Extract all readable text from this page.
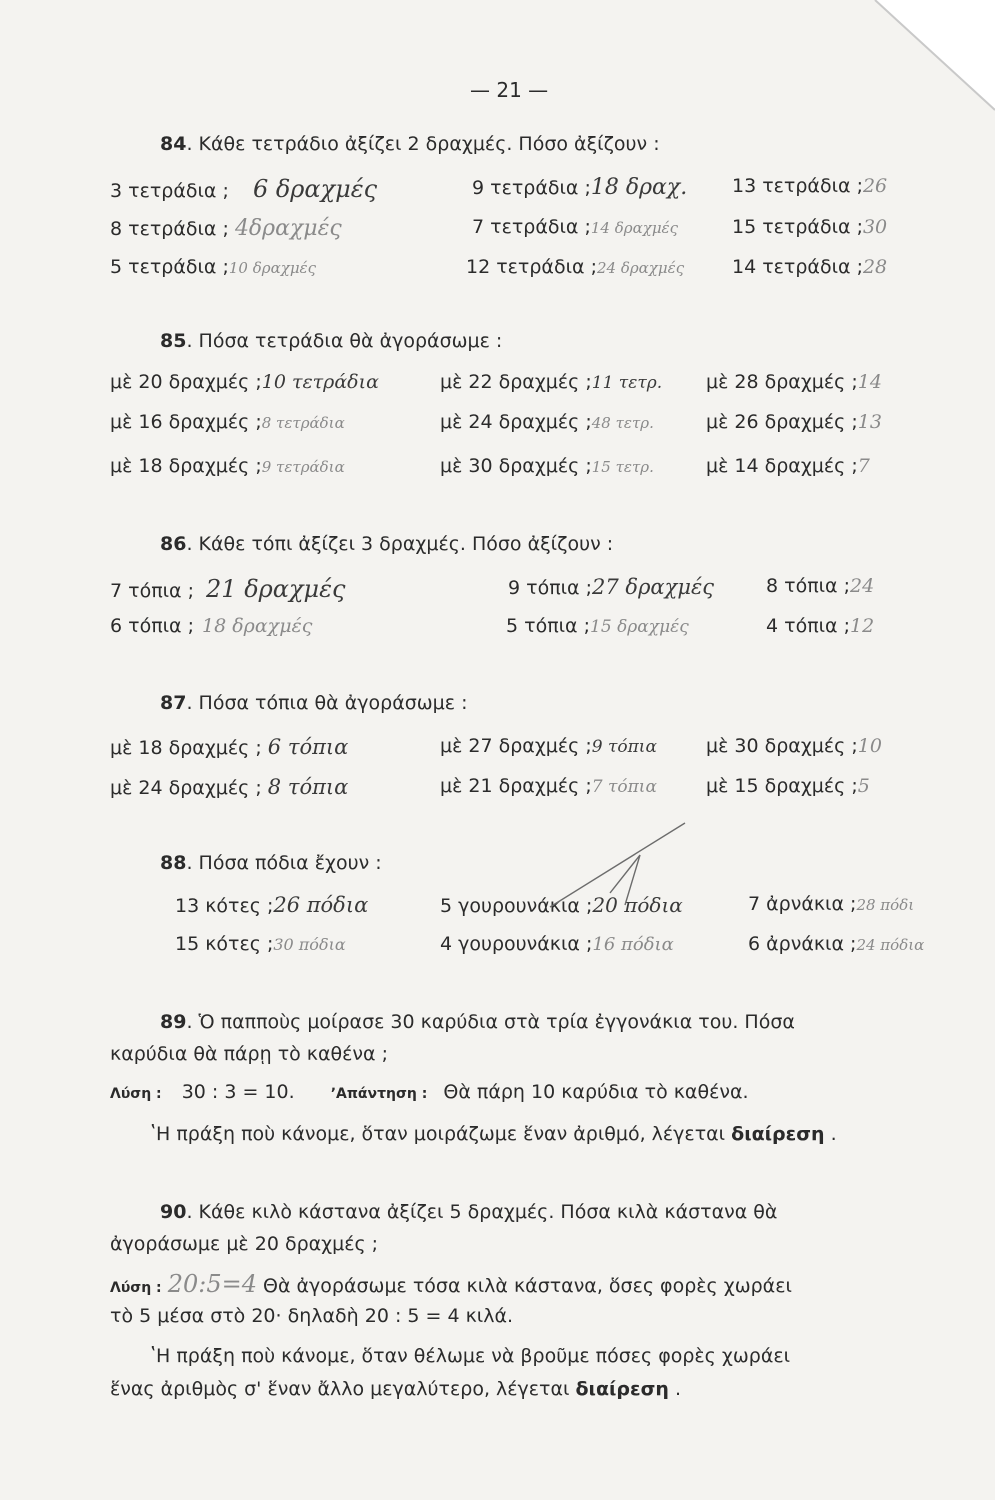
— 21 —
84. Κάθε τετράδιο ἀξίζει 2 δραχμές. Πόσο ἀξίζουν :
3 τετράδια ; 6 δραχμές	9 τετράδια ;18 δραχ. 13 τετράδια ;26
8 τετράδια ; 4δραχμές	7 τετράδια ;14 δραχμές	15 τετράδια ;30
5 τετράδια ;10 δραχμές	12 τετράδια ;24 δραχμές	14 τετράδια ;28
85. Πόσα τετράδια θὰ ἀγοράσωμε :
μὲ 20 δραχμές ;10 τετράδια	μὲ 22 δραχμές ;11 τετρ. μὲ 28 δραχμές ;14
μὲ 16 δραχμές ;8 τετράδια	μὲ 24 δραχμές ;48 τετρ.	μὲ 26 δραχμές ;13
μὲ 18 δραχμές ;9 τετράδια	μὲ 30 δραχμές ;15 τετρ.	μὲ 14 δραχμές ;7
86. Κάθε τόπι ἀξίζει 3 δραχμές. Πόσο ἀξίζουν :
7 τόπια ; 21 δραχμές	9 τόπια ;27 δραχμές	8 τόπια ;24
6 τόπια ; 18 δραχμές	5 τόπια ;15 δραχμές	4 τόπια ;12
87. Πόσα τόπια θὰ ἀγοράσωμε :
μὲ 18 δραχμές ; 6 τόπια	μὲ 27 δραχμές ;9 τόπια	μὲ 30 δραχμές ;10
μὲ 24 δραχμές ; 8 τόπια	μὲ 21 δραχμές ;7 τόπια	μὲ 15 δραχμές ;5
88. Πόσα πόδια ἔχουν :
13 κότες ;26 πόδια	5 γουρουνάκια ;20 πόδια	7 ἀρνάκια ;28 πόδι
15 κότες ;30 πόδια	4 γουρουνάκια ;16 πόδια	6 ἀρνάκια ;24 πόδια
89. Ὁ παπποὺς μοίρασε 30 καρύδια στὰ τρία ἐγγονάκια του. Πόσα
καρύδια θὰ πάρῃ τὸ καθένα ;
Λύση : 30 : 3 = 10.	ʼΑπάντηση : Θὰ πάρη 10 καρύδια τὸ καθένα.
ʽΗ πράξη ποὺ κάνομε, ὅταν μοιράζωμε ἕναν ἀριθμό, λέγεται διαίρεση .
90. Κάθε κιλὸ κάστανα ἀξίζει 5 δραχμές. Πόσα κιλὰ κάστανα θὰ
ἀγοράσωμε μὲ 20 δραχμές ;
Λύση : 20:5=4 Θὰ ἀγοράσωμε τόσα κιλὰ κάστανα, ὅσες φορὲς χωράει
τὸ 5 μέσα στὸ 20· δηλαδὴ 20 : 5 = 4 κιλά.
ʽΗ πράξη ποὺ κάνομε, ὅταν θέλωμε νὰ βροῦμε πόσες φορὲς χωράει
ἕνας ἀριθμὸς σ' ἕναν ἄλλο μεγαλύτερο, λέγεται διαίρεση .
